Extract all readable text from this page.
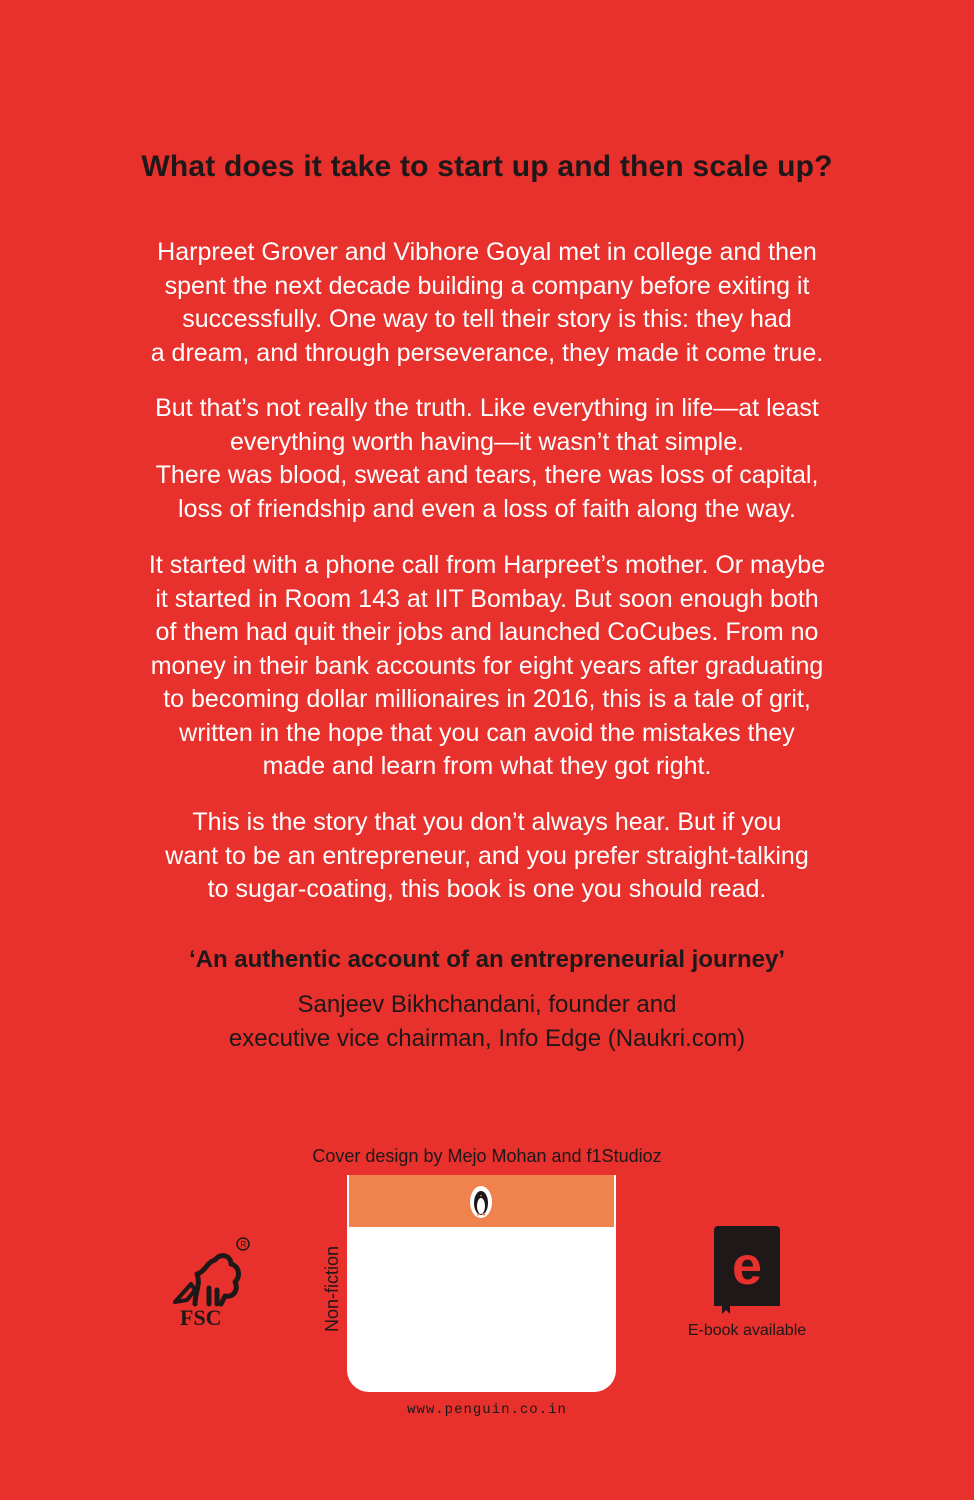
What does it take to start up and then scale up?
Harpreet Grover and Vibhore Goyal met in college and then
spent the next decade building a company before exiting it
successfully. One way to tell their story is this: they had
a dream, and through perseverance, they made it come true.
But that’s not really the truth. Like everything in life—at least
everything worth having—it wasn’t that simple.
There was blood, sweat and tears, there was loss of capital,
loss of friendship and even a loss of faith along the way.
It started with a phone call from Harpreet’s mother. Or maybe
it started in Room 143 at IIT Bombay. But soon enough both
of them had quit their jobs and launched CoCubes. From no
money in their bank accounts for eight years after graduating
to becoming dollar millionaires in 2016, this is a tale of grit,
written in the hope that you can avoid the mistakes they
made and learn from what they got right.
This is the story that you don’t always hear. But if you
want to be an entrepreneur, and you prefer straight-talking
to sugar-coating, this book is one you should read.
‘An authentic account of an entrepreneurial journey’
Sanjeev Bikhchandani, founder and
executive vice chairman, Info Edge (Naukri.com)
Cover design by Mejo Mohan and f1Studioz
R
FSC	Non-fiction
www.penguin.co.in
e
E-book available
